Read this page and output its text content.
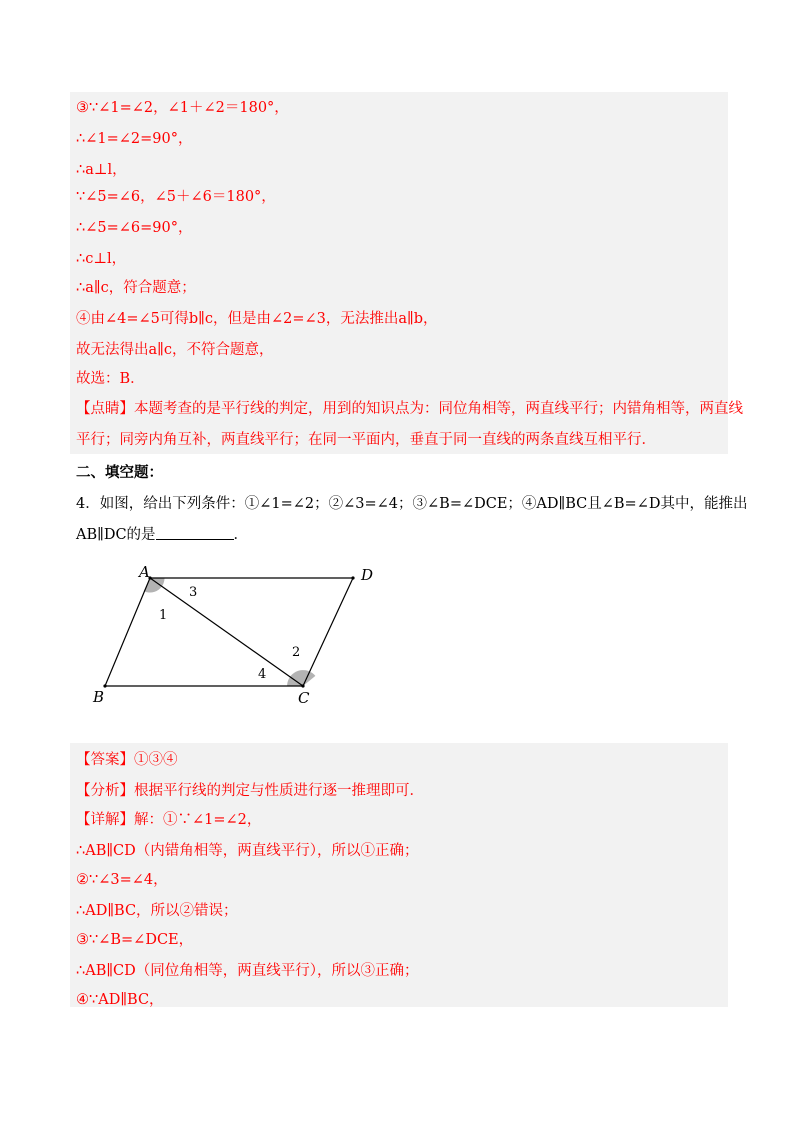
③∵∠1=∠2，∠1＋∠2＝180°，
∴∠1=∠2=90°，
∴a⊥l，
∵∠5=∠6，∠5＋∠6＝180°，
∴∠5=∠6=90°，
∴c⊥l，
∴a∥c，符合题意；
④由∠4=∠5可得b∥c，但是由∠2=∠3，无法推出a∥b，
故无法得出a∥c，不符合题意，
故选：B．
【点睛】本题考查的是平行线的判定，用到的知识点为：同位角相等，两直线平行；内错角相等，两直线
平行；同旁内角互补，两直线平行；在同一平面内，垂直于同一直线的两条直线互相平行．
二、填空题：
4．如图，给出下列条件：①∠1=∠2；②∠3=∠4；③∠B=∠DCE；④AD∥BC且∠B=∠D其中，能推出
AB∥DC的是	．
A	D
B	C
3
1
2
4
【答案】①③④
【分析】根据平行线的判定与性质进行逐一推理即可．
【详解】解：①∵∠1=∠2，
∴AB∥CD（内错角相等，两直线平行），所以①正确；
②∵∠3=∠4，
∴AD∥BC，所以②错误；
③∵∠B=∠DCE，
∴AB∥CD（同位角相等，两直线平行），所以③正确；
④∵AD∥BC，
